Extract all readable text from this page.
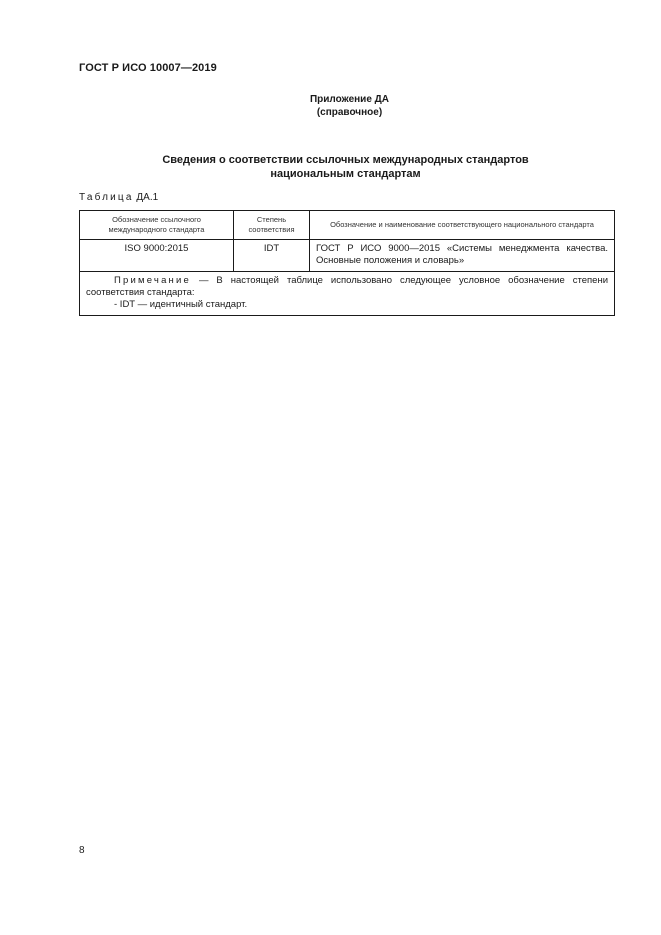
ГОСТ Р ИСО 10007—2019
Приложение ДА
(справочное)
Сведения о соответствии ссылочных международных стандартов
национальным стандартам
Таблица ДА.1
Обозначение ссылочного международного стандарта	Степень соответствия	Обозначение и наименование соответствующего национального стандарта
ISO 9000:2015	IDT	ГОСТ Р ИСО 9000—2015 «Системы менеджмента качества. Основные положения и словарь»

Примечание — В настоящей таблице использовано следующее условное обозначение степени соответствия стандарта:
- IDT — идентичный стандарт.		
8
